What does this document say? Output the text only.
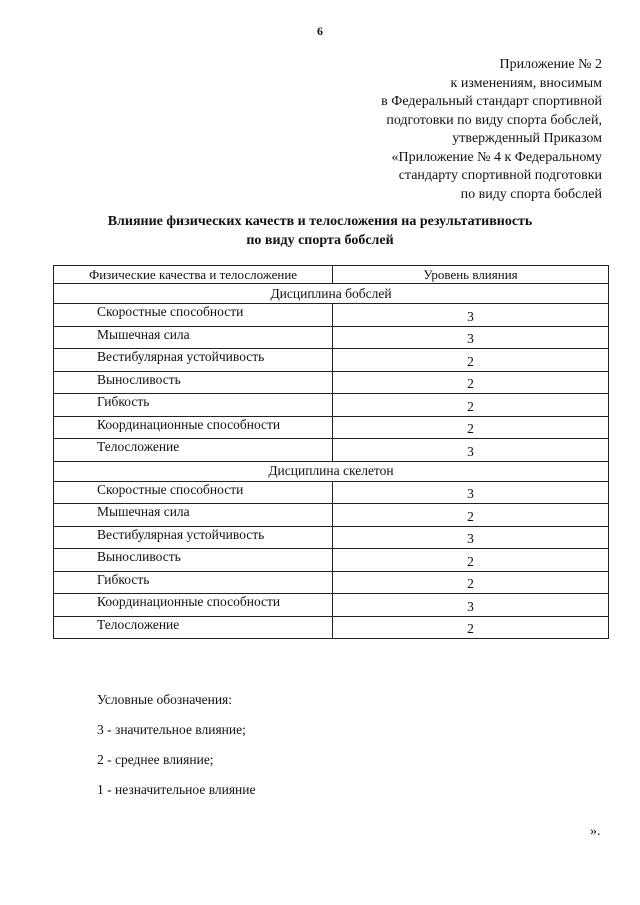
6
Приложение № 2
к изменениям, вносимым
в Федеральный стандарт спортивной
подготовки по виду спорта бобслей,
утвержденный Приказом
«Приложение № 4 к Федеральному
стандарту спортивной подготовки
по виду спорта бобслей
Влияние физических качеств и телосложения на результативность
по виду спорта бобслей
Физические качества и телосложение	Уровень влияния
Дисциплина бобслей	
Скоростные способности	3
Мышечная сила	3
Вестибулярная устойчивость	2
Выносливость	2
Гибкость	2
Координационные способности	2
Телосложение	3
Дисциплина скелетон	
Скоростные способности	3
Мышечная сила	2
Вестибулярная устойчивость	3
Выносливость	2
Гибкость	2
Координационные способности	3
Телосложение	2
Условные обозначения:
3 - значительное влияние;
2 - среднее влияние;
1 - незначительное влияние
».
